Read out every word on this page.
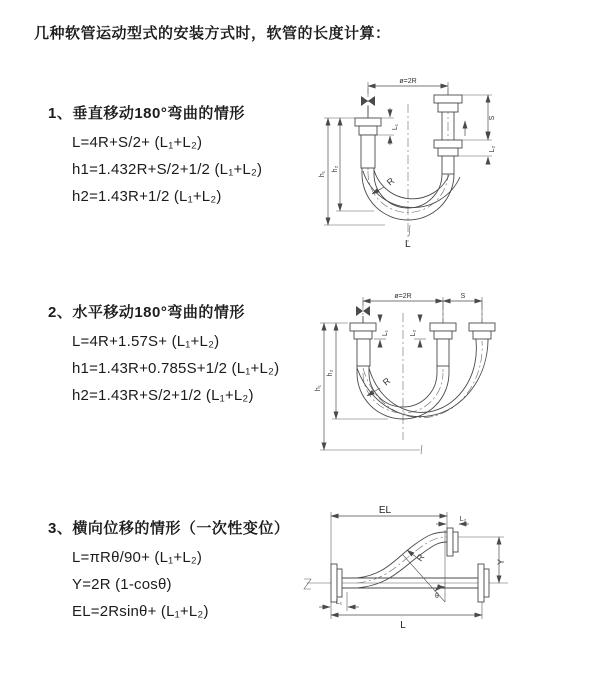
几种软管运动型式的安装方式时，软管的长度计算：
1、垂直移动180°弯曲的情形

L=4R+S/2+ (L₁+L₂)

h1=1.432R+S/2+1/2 (L₁+L₂)

h2=1.43R+1/2 (L₁+L₂)

2、水平移动180°弯曲的情形

L=4R+1.57S+ (L₁+L₂)

h1=1.43R+0.785S+1/2 (L₁+L₂)

h2=1.43R+S/2+1/2 (L₁+L₂)

3、横向位移的情形（一次性变位）

L=πRθ/90+ (L₁+L₂)

Y=2R (1-cosθ)

EL=2Rsinθ+ (L₁+L₂)

ø=2R
S
L₂
L₁
h₁
h₂
R
L
ø=2R	S
L₁	L₂
h₁
h₂
R
θ
EL
L₂
Y
L
L₁
R
